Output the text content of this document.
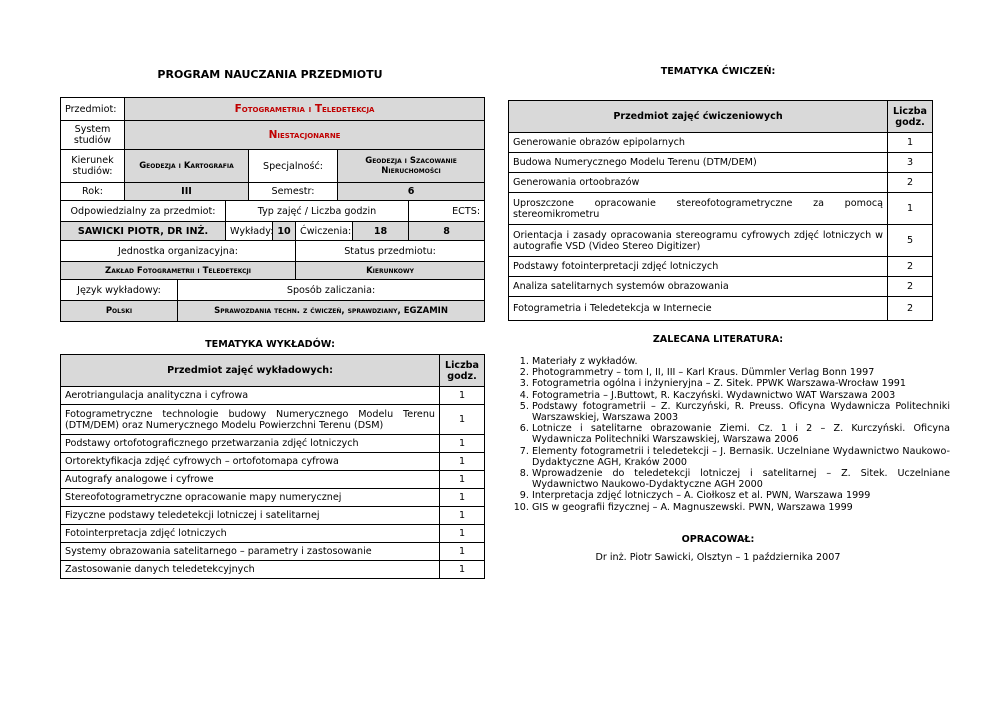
PROGRAM NAUCZANIA PRZEDMIOTU
Przedmiot:	Fotogrametria i Teledetekcja								
System studiów	Niestacjonarne								
Kierunek studiów:	Geodezja i Kartografia			Specjalność:			Geodezja i Szacowanie Nieruchomości		
Rok:	III			Semestr:			6		
Odpowiedzialny za przedmiot:			Typ zajęć / Liczba godzin						ECTS:
SAWICKI PIOTR, DR INŻ.			Wykłady:		10	Ćwiczenia:		18	8
Jednostka organizacyjna:						Status przedmiotu:			
Zakład Fotogrametrii i Teledetekcji						Kierunkowy			
Język wykładowy:		Sposób zaliczania:							
Polski		Sprawozdania techn. z ćwiczeń, sprawdziany, EGZAMIN							
TEMATYKA WYKŁADÓW:
Przedmiot zajęć wykładowych:	Liczba godz.
Aerotriangulacja analityczna i cyfrowa	1
Fotogrametryczne technologie budowy Numerycznego Modelu Terenu (DTM/DEM) oraz Numerycznego Modelu Powierzchni Terenu (DSM)	1
Podstawy ortofotograficznego przetwarzania zdjęć lotniczych	1
Ortorektyfikacja zdjęć cyfrowych – ortofotomapa cyfrowa	1
Autografy analogowe i cyfrowe	1
Stereofotogrametryczne opracowanie mapy numerycznej	1
Fizyczne podstawy teledetekcji lotniczej i satelitarnej	1
Fotointerpretacja zdjęć lotniczych	1
Systemy obrazowania satelitarnego – parametry i zastosowanie	1
Zastosowanie danych teledetekcyjnych	1
TEMATYKA ĆWICZEŃ:
Przedmiot zajęć ćwiczeniowych	Liczba godz.
Generowanie obrazów epipolarnych	1
Budowa Numerycznego Modelu Terenu (DTM/DEM)	3
Generowania ortoobrazów	2
Uproszczone opracowanie stereofotogrametryczne za pomocą stereomikrometru	1
Orientacja i zasady opracowania stereogramu cyfrowych zdjęć lotniczych w autografie VSD (Video Stereo Digitizer)	5
Podstawy fotointerpretacji zdjęć lotniczych	2
Analiza satelitarnych systemów obrazowania	2
Fotogrametria i Teledetekcja w Internecie	2
ZALECANA LITERATURA:
1. Materiały z wykładów.
2. Photogrammetry – tom I, II, III – Karl Kraus. Dümmler Verlag Bonn 1997
3. Fotogrametria ogólna i inżynieryjna – Z. Sitek. PPWK Warszawa-Wrocław 1991
4. Fotogrametria – J.Buttowt, R. Kaczyński. Wydawnictwo WAT Warszawa 2003
5. Podstawy fotogrametrii – Z. Kurczyński, R. Preuss. Oficyna Wydawnicza Politechniki Warszawskiej, Warszawa 2003
6. Lotnicze i satelitarne obrazowanie Ziemi. Cz. 1 i 2 – Z. Kurczyński. Oficyna Wydawnicza Politechniki Warszawskiej, Warszawa 2006
7. Elementy fotogrametrii i teledetekcji – J. Bernasik. Uczelniane Wydawnictwo Naukowo-Dydaktyczne AGH, Kraków 2000
8. Wprowadzenie do teledetekcji lotniczej i satelitarnej – Z. Sitek. Uczelniane Wydawnictwo Naukowo-Dydaktyczne AGH 2000
9. Interpretacja zdjęć lotniczych – A. Ciołkosz et al. PWN, Warszawa 1999
10. GIS w geografii fizycznej – A. Magnuszewski. PWN, Warszawa 1999
OPRACOWAŁ:
Dr inż. Piotr Sawicki, Olsztyn – 1 października 2007
